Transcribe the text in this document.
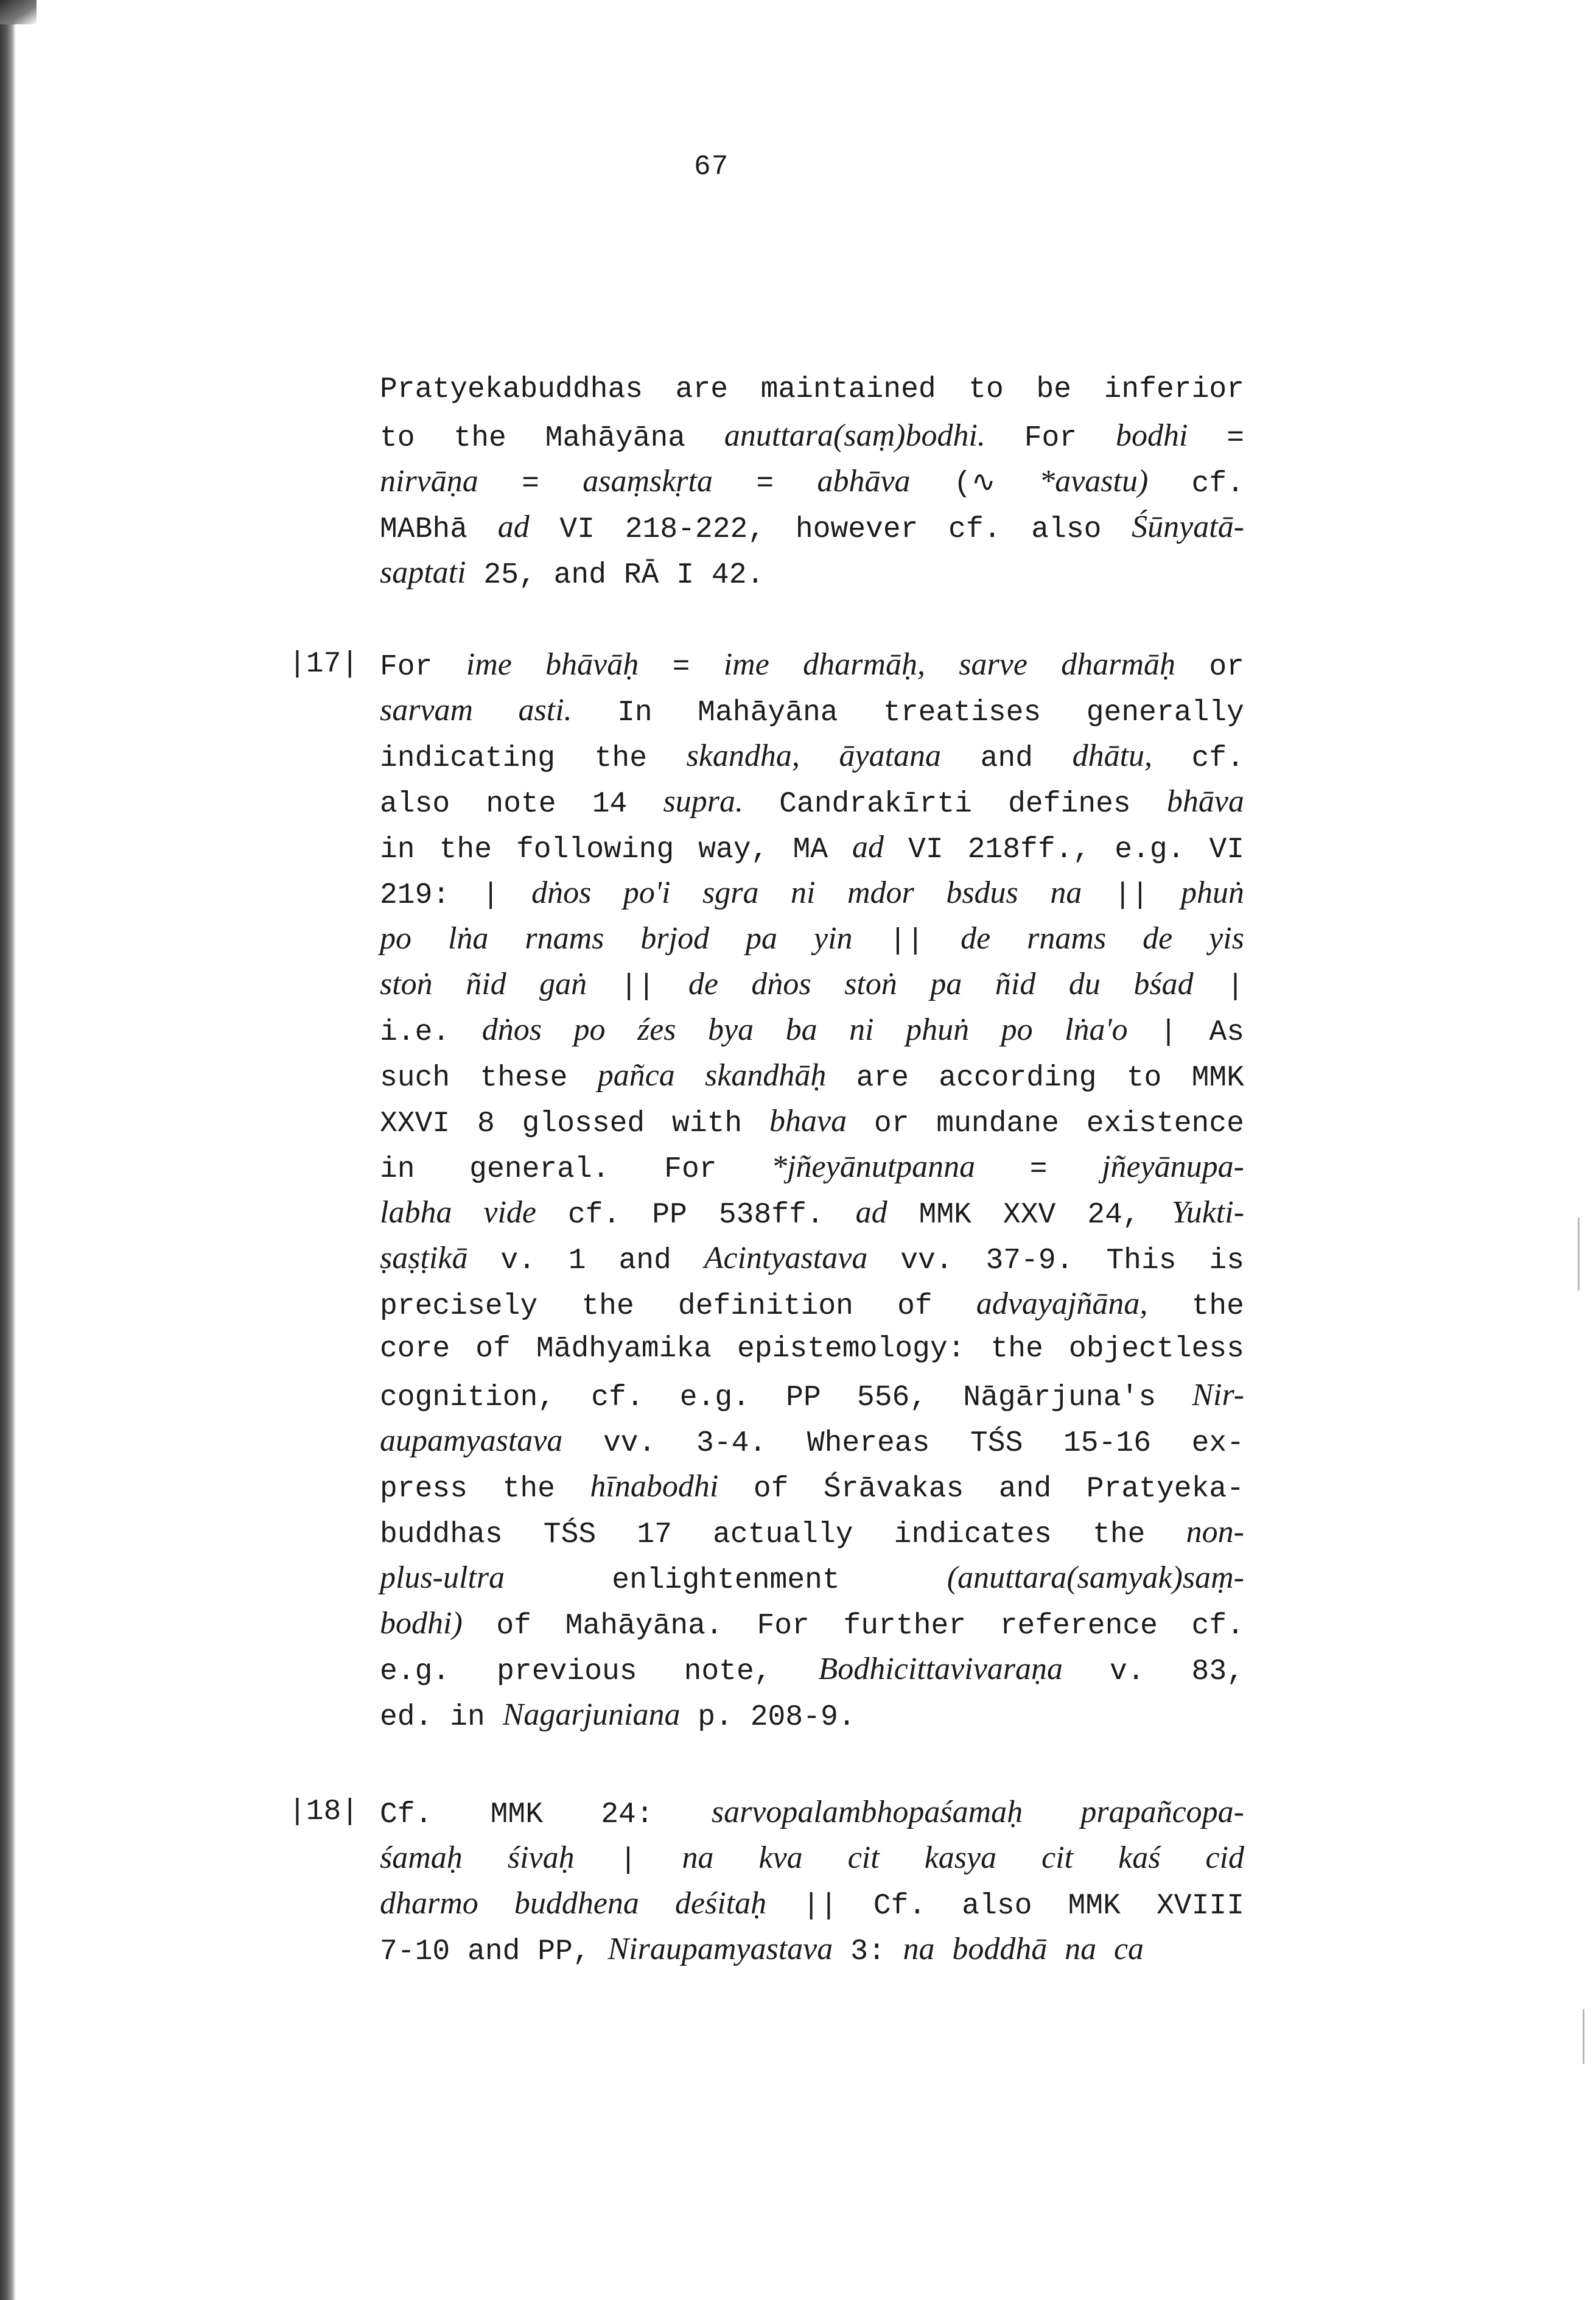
67
Pratyekabuddhas are maintained to be inferior
to the Mahāyāna anuttara(saṃ)bodhi. For bodhi =
nirvāṇa = asaṃskṛta = abhāva (∿ *avastu) cf.
MABhā ad VI 218-222, however cf. also Śūnyatā-
saptati 25, and RĀ I 42.
|17| For ime bhāvāḥ = ime dharmāḥ, sarve dharmāḥ or
sarvam asti. In Mahāyāna treatises generally
indicating the skandha, āyatana and dhātu, cf.
also note 14 supra. Candrakīrti defines bhāva
in the following way, MA ad VI 218ff., e.g. VI
219: | dṅos po'i sgra ni mdor bsdus na || phuṅ
po lṅa rnams brjod pa yin || de rnams de yis
stoṅ ñid gaṅ || de dṅos stoṅ pa ñid du bśad |
i.e. dṅos po źes bya ba ni phuṅ po lṅa'o | As
such these pañca skandhāḥ are according to MMK
XXVI 8 glossed with bhava or mundane existence
in general. For *jñeyānutpanna = jñeyānupa-
labha vide cf. PP 538ff. ad MMK XXV 24, Yukti-
ṣaṣṭikā v. 1 and Acintyastava vv. 37-9. This is
precisely the definition of advayajñāna, the
core of Mādhyamika epistemology: the objectless
cognition, cf. e.g. PP 556, Nāgārjuna's Nir-
aupamyastava vv. 3-4. Whereas TŚS 15-16 ex-
press the hīnabodhi of Śrāvakas and Pratyeka-
buddhas TŚS 17 actually indicates the non-
plus-ultra	enlightenment	(anuttara(samyak)saṃ-
bodhi) of Mahāyāna. For further reference cf.
e.g. previous note, Bodhicittavivaraṇa v. 83,
ed. in Nagarjuniana p. 208-9.
|18| Cf. MMK 24: sarvopalambhopaśamaḥ prapañcopa-
śamaḥ śivaḥ | na kva cit kasya cit kaś cid
dharmo buddhena deśitaḥ || Cf. also MMK XVIII
7-10 and PP, Niraupamyastava 3: na boddhā na ca
